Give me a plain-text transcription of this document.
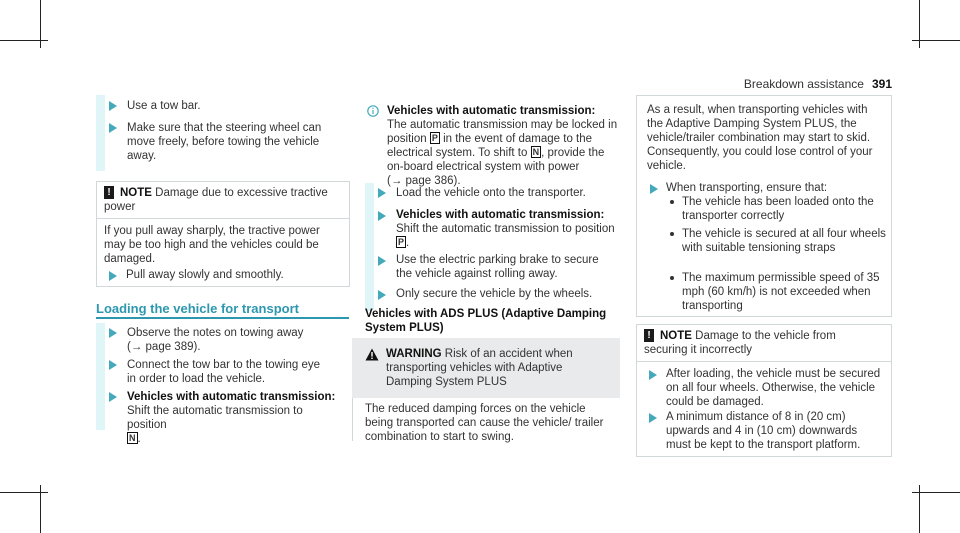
Breakdown assistance 391
Use a tow bar.
Make sure that the steering wheel can move freely, before towing the vehicle away.
! NOTE Damage due to excessive tractive power
If you pull away sharply, the tractive power may be too high and the vehicles could be damaged.
Pull away slowly and smoothly.
Loading the vehicle for transport
Observe the notes on towing away
(→ page 389).
Connect the tow bar to the towing eye in order to load the vehicle.
Vehicles with automatic transmission:
Shift the automatic transmission to position
N .
Vehicles with automatic transmission:
The automatic transmission may be locked in position P in the event of damage to the electrical system. To shift to N , provide the on-board electrical system with power
(→ page 386).
Load the vehicle onto the transporter.
Vehicles with automatic transmission:
Shift the automatic transmission to position
P .
Use the electric parking brake to secure the vehicle against rolling away.
Only secure the vehicle by the wheels.
Vehicles with ADS PLUS (Adaptive Damping System PLUS)
WARNING Risk of an accident when transporting vehicles with Adaptive Damping System PLUS
The reduced damping forces on the vehicle being transported can cause the vehicle/ trailer combination to start to swing.
As a result, when transporting vehicles with the Adaptive Damping System PLUS, the vehicle/trailer combination may start to skid. Consequently, you could lose control of your vehicle.
When transporting, ensure that:
The vehicle has been loaded onto the transporter correctly
The vehicle is secured at all four wheels with suitable tensioning straps
The maximum permissible speed of 35 mph (60 km/h) is not exceeded when transporting
! NOTE Damage to the vehicle from securing it incorrectly
After loading, the vehicle must be secured on all four wheels. Otherwise, the vehicle could be damaged.
A minimum distance of 8 in (20 cm) upwards and 4 in (10 cm) downwards must be kept to the transport platform.
